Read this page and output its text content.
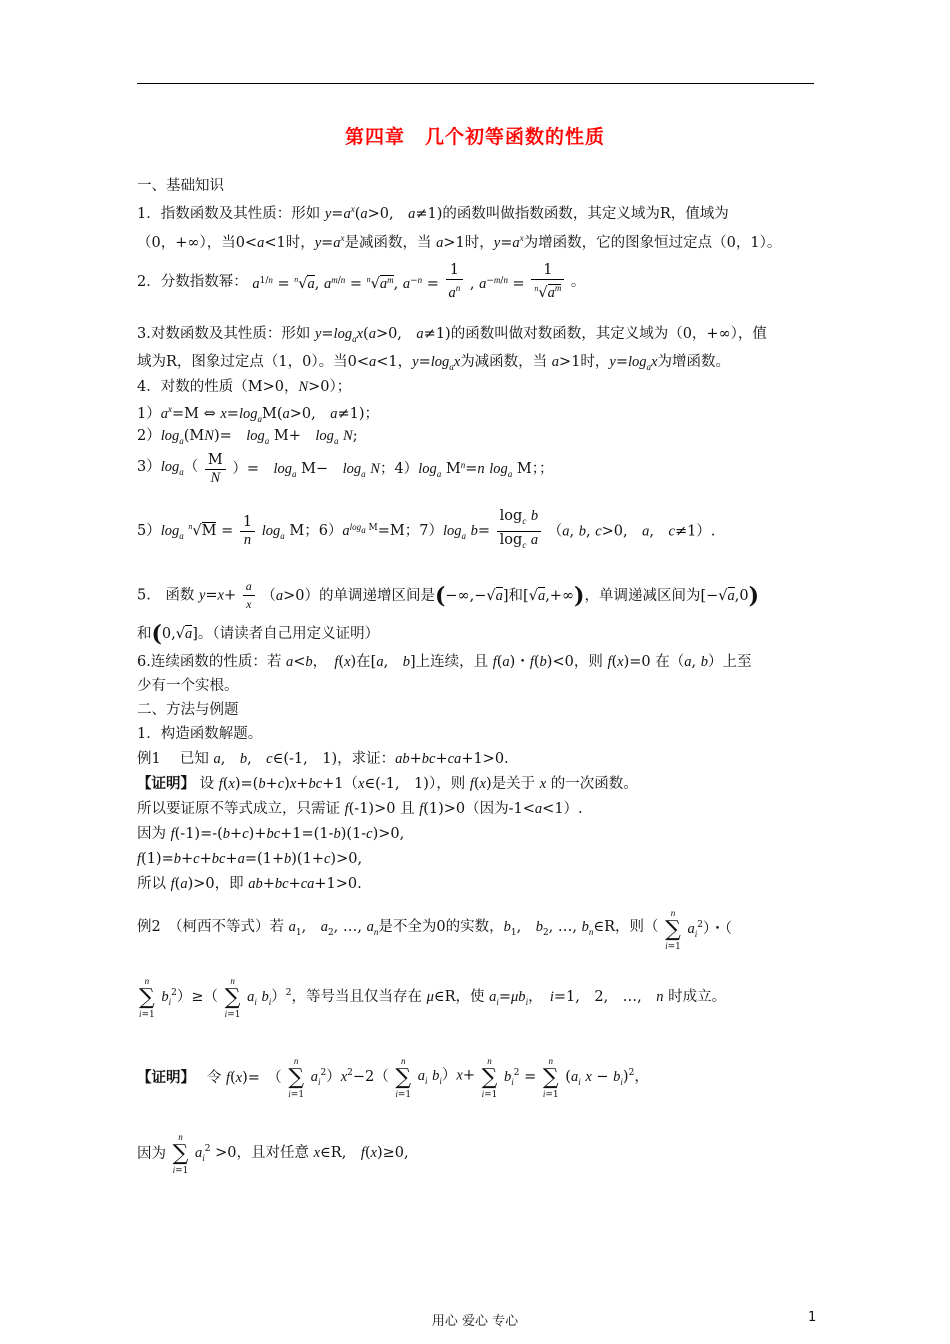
第四章　几个初等函数的性质
一、基础知识
1．指数函数及其性质：形如 $y=a^x(a>0$,　a≠1)的函数叫做指数函数，其定义域为R，值域为
（0，+∞），当0<a<1时，$y=a^x$是减函数，当 a>1时，$y=a^x$为增函数，它的图象恒过定点（0，1）。
2．分数指数幂： $a^{1/n} = ^n√a$, $a^{m/n} = ^n√a^m$, $a^{-n} = \frac{1}{a^n}$ , $a^{-m/n} = \frac{1}{^n√a^m}$ 。
3.对数函数及其性质：形如 $y=\log_ax(a>0$,　a≠1)的函数叫做对数函数，其定义域为（0，+∞），值
域为R，图象过定点（1，0）。当0<a<1，$y=\log_ax$为减函数，当 a>1时，$y=\log_ax$为增函数。
4．对数的性质（M>0，N>0）；
$1)a^x=M$ ⇔ $x=\log_aM(a>0$,　a≠1)；
$2)\log_a(MN)=$　$\log_a M+$　$\log_a N$;
$3)\log_a( \frac{M}{N}$ ）=　$\log_a M-$　$\log_a N$；$4)\log_a$ $M^n=n$ $\log_a M$；；
$5)\log_a$ $^n√M = \frac{1}{n} \log_a M$；$6)a^{log_a M}=M$；$7)\log_a$ $b= \frac{\log_c b}{\log_c a} (a$, b, c>0,　a,　c≠1）.
5.　函数 $y=x+ \frac{a}{x} (a>0)$的单调递增区间是(−∞,−√a]和[√a,+∞)，单调递减区间为[−√a,0)
和(0,√a]。（请读者自己用定义证明）
6.连续函数的性质：若 a<b，　f(x)在[a,　b]上连续，且 f(a)・f(b)<0，则 f(x)=0 在（a, b）上至
少有一个实根。
二、方法与例题
1．构造函数解题。
例1　 已知 a,　b,　c∈(-1,　1)，求证：ab+bc+ca+1>0.
【证明】 设 f(x)=(b+c)x+bc+1（x∈(-1,　1)），则 f(x)是关于 x 的一次函数。
所以要证原不等式成立，只需证 f(-1)>0 且 f(1)>0（因为-1<a<1）.
因为 f(-1)=-(b+c)+bc+1=(1-b)(1-c)>0,
f(1)=b+c+bc+a=(1+b)(1+c)>0,
所以 f(a)>0，即 ab+bc+ca+1>0.
例2　（柯西不等式）若 $a_1$,　$a_2$, …, $a_n$是不全为0的实数，$b_1$,　$b_2$, …, $b_n\in R$，则（
n
∑
i=1
$a_i^2$）・（
n
∑
i=1
$b_i^2)\ge$（
n
∑
i=1
$a_i$ $b_i)^2$，等号当且仅当存在 μ∈R，使 $a_i=\mu b_i$，　i=1,　2,　…,　n 时成立。
【证明】　 令 f(x)=　（
n
∑
i=1
$a_i^2)x^2-2$（
n
∑
i=1
$a_i$ $b_i)x+$
n
∑
i=1
$b_i^2$ =
n
∑
i=1
($a_i$ $x - b_i)^2$，
因为
n
∑
i=1
$a_i^2 >0$，且对任意 x∈R,　f(x)≥0,
用心 爱心 专心	1
